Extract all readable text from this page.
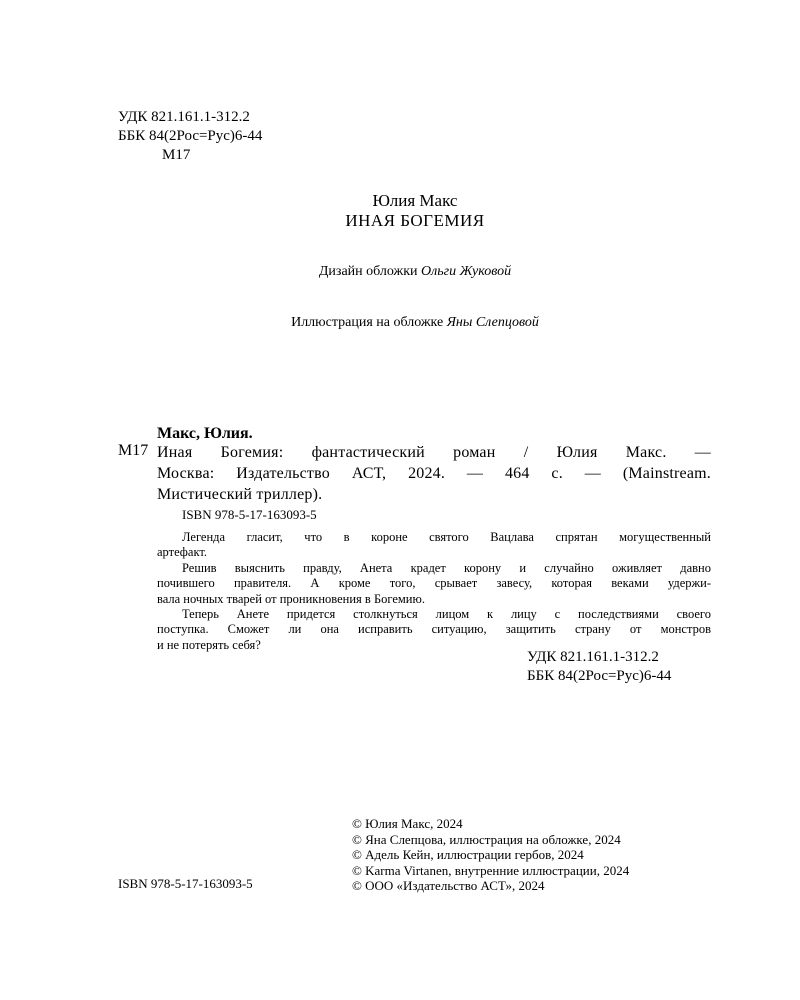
УДК 821.161.1-312.2
ББК 84(2Рос=Рус)6-44
М17
Юлия Макс
ИНАЯ БОГЕМИЯ
Дизайн обложки Ольги Жуковой
Иллюстрация на обложке Яны Слепцовой
Макс, Юлия.
М17 Иная Богемия: фантастический роман / Юлия Макс. —
Москва: Издательство АСТ, 2024. — 464 с. — (Mainstream.
Мистический триллер).
ISBN 978-5-17-163093-5
Легенда гласит, что в короне святого Вацлава спрятан могущественный
артефакт.
Решив выяснить правду, Анета крадет корону и случайно оживляет давно
почившего правителя. А кроме того, срывает завесу, которая веками удержи-
вала ночных тварей от проникновения в Богемию.
Теперь Анете придется столкнуться лицом к лицу с последствиями своего
поступка. Сможет ли она исправить ситуацию, защитить страну от монстров
и не потерять себя?
УДК 821.161.1-312.2
ББК 84(2Рос=Рус)6-44
ISBN 978-5-17-163093-5
© Юлия Макс, 2024
© Яна Слепцова, иллюстрация на обложке, 2024
© Адель Кейн, иллюстрации гербов, 2024
© Karma Virtanen, внутренние иллюстрации, 2024
© ООО «Издательство АСТ», 2024
